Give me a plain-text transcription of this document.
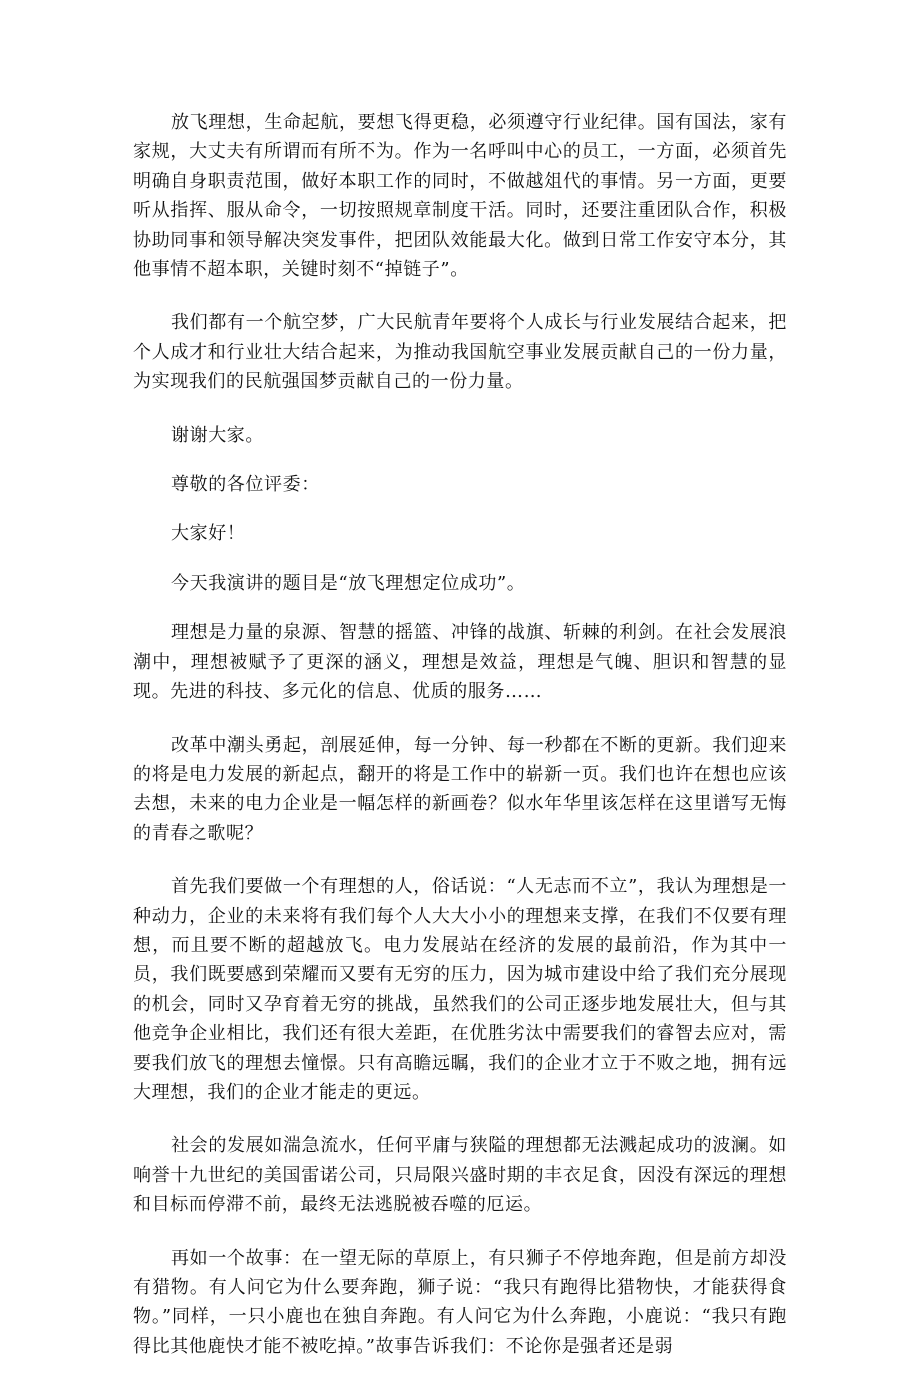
放飞理想，生命起航，要想飞得更稳，必须遵守行业纪律。国有国法，家有家规，大丈夫有所谓而有所不为。作为一名呼叫中心的员工，一方面，必须首先明确自身职责范围，做好本职工作的同时，不做越俎代的事情。另一方面，更要听从指挥、服从命令，一切按照规章制度干活。同时，还要注重团队合作，积极协助同事和领导解决突发事件，把团队效能最大化。做到日常工作安守本分，其他事情不超本职，关键时刻不“掉链子”。

我们都有一个航空梦，广大民航青年要将个人成长与行业发展结合起来，把个人成才和行业壮大结合起来，为推动我国航空事业发展贡献自己的一份力量，为实现我们的民航强国梦贡献自己的一份力量。

谢谢大家。

尊敬的各位评委：

大家好！

今天我演讲的题目是“放飞理想定位成功”。

理想是力量的泉源、智慧的摇篮、冲锋的战旗、斩棘的利剑。在社会发展浪潮中，理想被赋予了更深的涵义，理想是效益，理想是气魄、胆识和智慧的显现。先进的科技、多元化的信息、优质的服务……

改革中潮头勇起，剖展延伸，每一分钟、每一秒都在不断的更新。我们迎来的将是电力发展的新起点，翻开的将是工作中的崭新一页。我们也许在想也应该去想，未来的电力企业是一幅怎样的新画卷？似水年华里该怎样在这里谱写无悔的青春之歌呢？

首先我们要做一个有理想的人，俗话说：“人无志而不立”，我认为理想是一种动力，企业的未来将有我们每个人大大小小的理想来支撑，在我们不仅要有理想，而且要不断的超越放飞。电力发展站在经济的发展的最前沿，作为其中一员，我们既要感到荣耀而又要有无穷的压力，因为城市建设中给了我们充分展现的机会，同时又孕育着无穷的挑战，虽然我们的公司正逐步地发展壮大，但与其他竞争企业相比，我们还有很大差距，在优胜劣汰中需要我们的睿智去应对，需要我们放飞的理想去憧憬。只有高瞻远瞩，我们的企业才立于不败之地，拥有远大理想，我们的企业才能走的更远。

社会的发展如湍急流水，任何平庸与狭隘的理想都无法溅起成功的波澜。如响誉十九世纪的美国雷诺公司，只局限兴盛时期的丰衣足食，因没有深远的理想和目标而停滞不前，最终无法逃脱被吞噬的厄运。

再如一个故事：在一望无际的草原上，有只狮子不停地奔跑，但是前方却没有猎物。有人问它为什么要奔跑，狮子说：“我只有跑得比猎物快，才能获得食物。”同样，一只小鹿也在独自奔跑。有人问它为什么奔跑，小鹿说：“我只有跑得比其他鹿快才能不被吃掉。”故事告诉我们：不论你是强者还是弱
